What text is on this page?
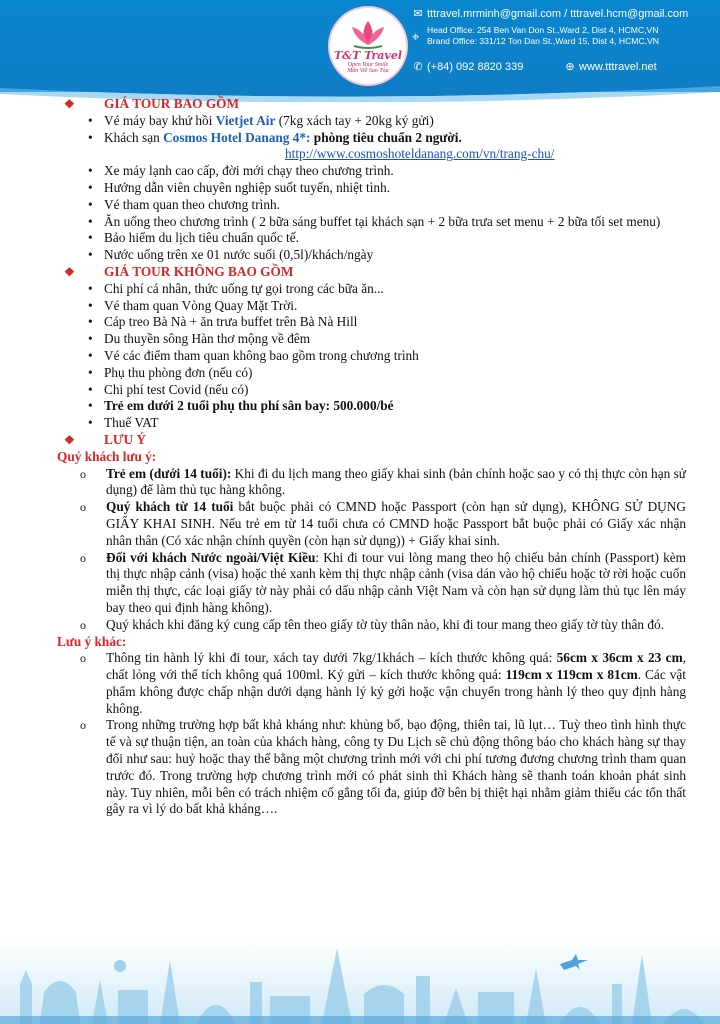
T&T Travel
Open Your Smile
Mãn Viễ Sao Tòa
✉ tttravel.mrminh@gmail.com / tttravel.hcm@gmail.com
⌖ Head Office: 254 Ben Van Don St.,Ward 2, Dist 4, HCMC,VN
Brand Office: 331/12 Ton Dan St.,Ward 15, Dist 4, HCMC,VN
✆ (+84) 092 8820 339	⊕ www.tttravel.net
❖ GIÁ TOUR BAO GỒM
• Vé máy bay khứ hồi Vietjet Air (7kg xách tay + 20kg ký gửi)
• Khách sạn Cosmos Hotel Danang 4*: phòng tiêu chuẩn 2 người.
http://www.cosmoshoteldanang.com/vn/trang-chu/
• Xe máy lạnh cao cấp, đời mới chạy theo chương trình.
• Hướng dẫn viên chuyên nghiệp suốt tuyến, nhiệt tình.
• Vé tham quan theo chương trình.
• Ăn uống theo chương trình ( 2 bữa sáng buffet tại khách sạn + 2 bữa trưa set menu + 2 bữa tối set menu)
• Bảo hiểm du lịch tiêu chuẩn quốc tế.
• Nước uống trên xe 01 nước suối (0,5l)/khách/ngày
❖ GIÁ TOUR KHÔNG BAO GỒM
• Chi phí cá nhân, thức uống tự gọi trong các bữa ăn...
• Vé tham quan Vòng Quay Mặt Trời.
• Cáp treo Bà Nà + ăn trưa buffet trên Bà Nà Hill
• Du thuyền sông Hàn thơ mộng về đêm
• Vé các điểm tham quan không bao gồm trong chương trình
• Phụ thu phòng đơn (nếu có)
• Chi phí test Covid (nếu có)
• Trẻ em dưới 2 tuổi phụ thu phí sân bay: 500.000/bé
• Thuế VAT
❖ LƯU Ý
Quý khách lưu ý:
o Trẻ em (dưới 14 tuổi): Khi đi du lịch mang theo giấy khai sinh (bản chính hoặc sao y có thị thực còn hạn sử dụng) để làm thủ tục hàng không.
o Quý khách từ 14 tuổi bắt buộc phải có CMND hoặc Passport (còn hạn sử dụng), KHÔNG SỬ DỤNG GIẤY KHAI SINH. Nếu trẻ em từ 14 tuổi chưa có CMND hoặc Passport bắt buộc phải có Giấy xác nhận nhân thân (Có xác nhận chính quyền (còn hạn sử dụng)) + Giấy khai sinh.
o Đối với khách Nước ngoài/Việt Kiều: Khi đi tour vui lòng mang theo hộ chiếu bản chính (Passport) kèm thị thực nhập cảnh (visa) hoặc thẻ xanh kèm thị thực nhập cảnh (visa dán vào hộ chiếu hoặc tờ rời hoặc cuốn miễn thị thực, các loại giấy tờ này phải có dấu nhập cảnh Việt Nam và còn hạn sử dụng làm thủ tục lên máy bay theo qui định hàng không).
o Quý khách khi đăng ký cung cấp tên theo giấy tờ tùy thân nào, khi đi tour mang theo giấy tờ tùy thân đó.
Lưu ý khác:
o Thông tin hành lý khi đi tour, xách tay dưới 7kg/1khách – kích thước không quá: 56cm x 36cm x 23 cm, chất lỏng với thể tích không quá 100ml. Ký gửi – kích thước không quá: 119cm x 119cm x 81cm. Các vật phẩm không được chấp nhận dưới dạng hành lý ký gởi hoặc vận chuyển trong hành lý theo quy định hàng không.
o Trong những trường hợp bất khả kháng như: khủng bố, bạo động, thiên tai, lũ lụt… Tuỳ theo tình hình thực tế và sự thuận tiện, an toàn của khách hàng, công ty Du Lịch sẽ chủ động thông báo cho khách hàng sự thay đổi như sau: huỷ hoặc thay thế bằng một chương trình mới với chi phí tương đương chương trình tham quan trước đó. Trong trường hợp chương trình mới có phát sinh thì Khách hàng sẽ thanh toán khoản phát sinh này. Tuy nhiên, mỗi bên có trách nhiệm cố gắng tối đa, giúp đỡ bên bị thiệt hại nhằm giảm thiểu các tổn thất gây ra vì lý do bất khả kháng….
